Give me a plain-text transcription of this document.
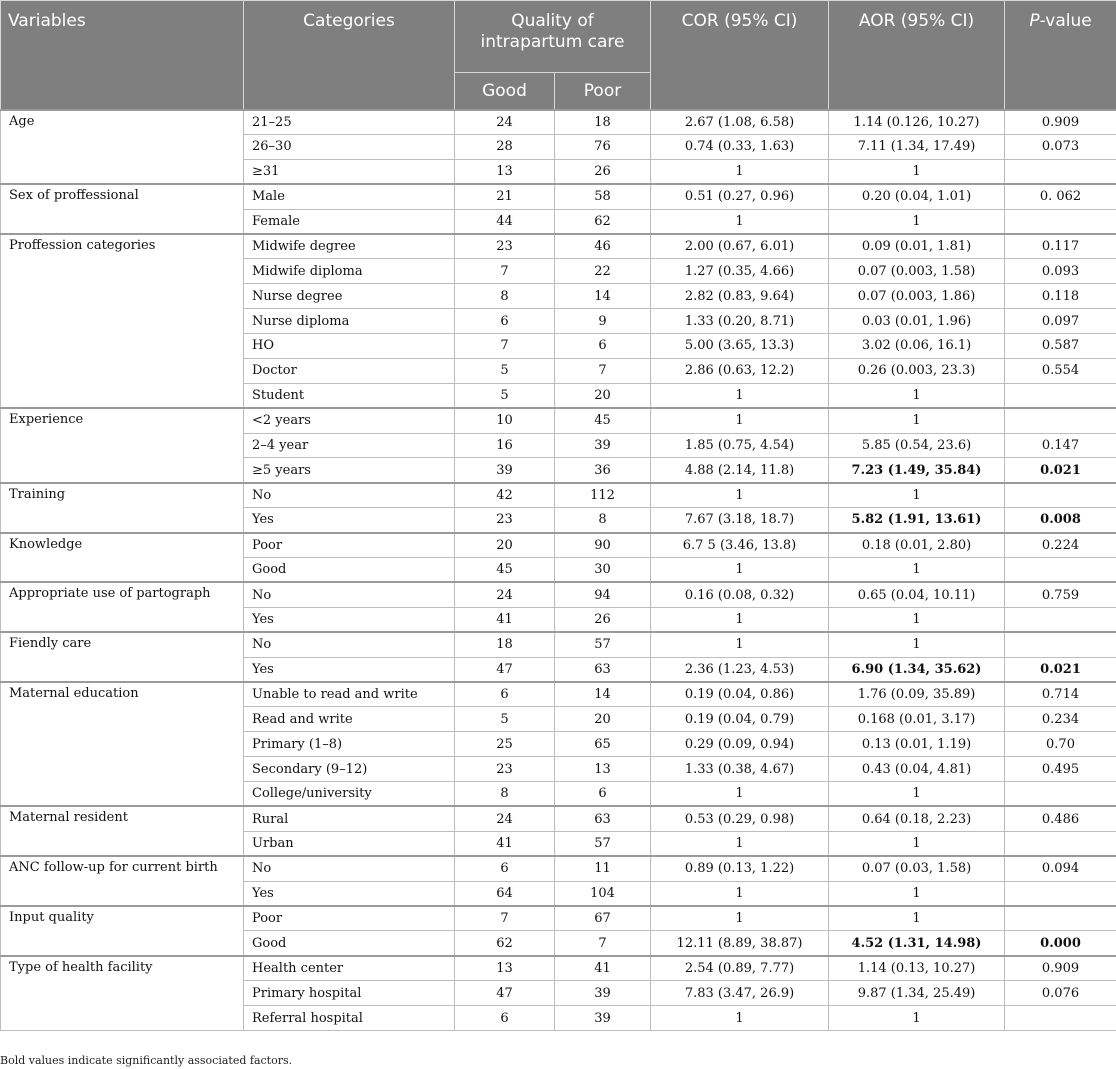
Variables	Categories	Quality of intrapartum care		COR (95% CI)	AOR (95% CI)	P-value
		Good	Poor			
Age	21–25	24	18	2.67 (1.08, 6.58)	1.14 (0.126, 10.27)	0.909
	26–30	28	76	0.74 (0.33, 1.63)	7.11 (1.34, 17.49)	0.073
	≥31	13	26	1	1	
Sex of proffessional	Male	21	58	0.51 (0.27, 0.96)	0.20 (0.04, 1.01)	0. 062
	Female	44	62	1	1	
Proffession categories	Midwife degree	23	46	2.00 (0.67, 6.01)	0.09 (0.01, 1.81)	0.117
	Midwife diploma	7	22	1.27 (0.35, 4.66)	0.07 (0.003, 1.58)	0.093
	Nurse degree	8	14	2.82 (0.83, 9.64)	0.07 (0.003, 1.86)	0.118
	Nurse diploma	6	9	1.33 (0.20, 8.71)	0.03 (0.01, 1.96)	0.097
	HO	7	6	5.00 (3.65, 13.3)	3.02 (0.06, 16.1)	0.587
	Doctor	5	7	2.86 (0.63, 12.2)	0.26 (0.003, 23.3)	0.554
	Student	5	20	1	1	
Experience	<2 years	10	45	1	1	
	2–4 year	16	39	1.85 (0.75, 4.54)	5.85 (0.54, 23.6)	0.147
	≥5 years	39	36	4.88 (2.14, 11.8)	7.23 (1.49, 35.84)	0.021
Training	No	42	112	1	1	
	Yes	23	8	7.67 (3.18, 18.7)	5.82 (1.91, 13.61)	0.008
Knowledge	Poor	20	90	6.7 5 (3.46, 13.8)	0.18 (0.01, 2.80)	0.224
	Good	45	30	1	1	
Appropriate use of partograph	No	24	94	0.16 (0.08, 0.32)	0.65 (0.04, 10.11)	0.759
	Yes	41	26	1	1	
Fiendly care	No	18	57	1	1	
	Yes	47	63	2.36 (1.23, 4.53)	6.90 (1.34, 35.62)	0.021
Maternal education	Unable to read and write	6	14	0.19 (0.04, 0.86)	1.76 (0.09, 35.89)	0.714
	Read and write	5	20	0.19 (0.04, 0.79)	0.168 (0.01, 3.17)	0.234
	Primary (1–8)	25	65	0.29 (0.09, 0.94)	0.13 (0.01, 1.19)	0.70
	Secondary (9–12)	23	13	1.33 (0.38, 4.67)	0.43 (0.04, 4.81)	0.495
	College/university	8	6	1	1	
Maternal resident	Rural	24	63	0.53 (0.29, 0.98)	0.64 (0.18, 2.23)	0.486
	Urban	41	57	1	1	
ANC follow-up for current birth	No	6	11	0.89 (0.13, 1.22)	0.07 (0.03, 1.58)	0.094
	Yes	64	104	1	1	
Input quality	Poor	7	67	1	1	
	Good	62	7	12.11 (8.89, 38.87)	4.52 (1.31, 14.98)	0.000
Type of health facility	Health center	13	41	2.54 (0.89, 7.77)	1.14 (0.13, 10.27)	0.909
	Primary hospital	47	39	7.83 (3.47, 26.9)	9.87 (1.34, 25.49)	0.076
	Referral hospital	6	39	1	1	
Bold values indicate significantly associated factors.
